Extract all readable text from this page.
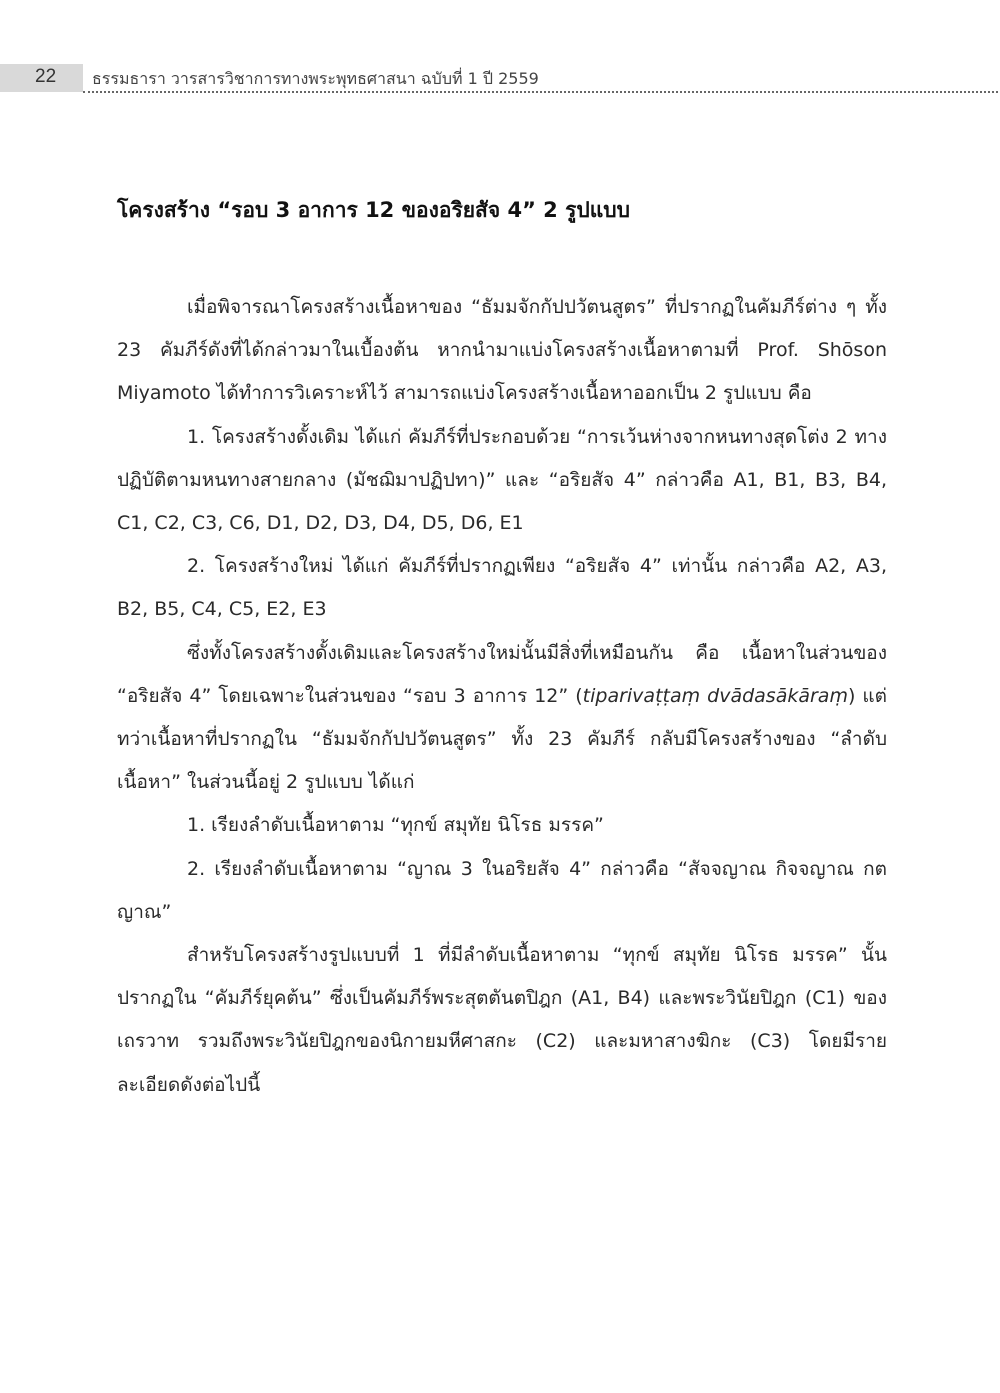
22 ธรรมธารา วารสารวิชาการทางพระพุทธศาสนา ฉบับที่ 1 ปี 2559
โครงสร้าง “รอบ 3 อาการ 12 ของอริยสัจ 4” 2 รูปแบบ

เมื่อพิจารณาโครงสร้างเนื้อหาของ “ธัมมจักกัปปวัตนสูตร” ที่ปรากฏในคัมภีร์ต่าง ๆ ทั้ง 23 คัมภีร์ดังที่ได้กล่าวมาในเบื้องต้น หากนำมาแบ่งโครงสร้างเนื้อหาตามที่ Prof. Shōson Miyamoto ได้ทำการวิเคราะห์ไว้ สามารถแบ่งโครงสร้างเนื้อหาออกเป็น 2 รูปแบบ คือ

1. โครงสร้างดั้งเดิม ได้แก่ คัมภีร์ที่ประกอบด้วย “การเว้นห่างจากหนทางสุดโต่ง 2 ทาง ปฏิบัติตามหนทางสายกลาง (มัชฌิมาปฏิปทา)” และ “อริยสัจ 4” กล่าวคือ A1, B1, B3, B4, C1, C2, C3, C6, D1, D2, D3, D4, D5, D6, E1

2. โครงสร้างใหม่ ได้แก่ คัมภีร์ที่ปรากฏเพียง “อริยสัจ 4” เท่านั้น กล่าวคือ A2, A3, B2, B5, C4, C5, E2, E3

ซึ่งทั้งโครงสร้างดั้งเดิมและโครงสร้างใหม่นั้นมีสิ่งที่เหมือนกัน คือ เนื้อหาในส่วนของ “อริยสัจ 4” โดยเฉพาะในส่วนของ “รอบ 3 อาการ 12” (tiparivaṭṭaṃ dvādasākāraṃ) แต่ทว่าเนื้อหาที่ปรากฏใน “ธัมมจักกัปปวัตนสูตร” ทั้ง 23 คัมภีร์ กลับมีโครงสร้างของ “ลำดับเนื้อหา” ในส่วนนี้อยู่ 2 รูปแบบ ได้แก่

1. เรียงลำดับเนื้อหาตาม “ทุกข์ สมุทัย นิโรธ มรรค”

2. เรียงลำดับเนื้อหาตาม “ญาณ 3 ในอริยสัจ 4” กล่าวคือ “สัจจญาณ กิจจญาณ กตญาณ”

สำหรับโครงสร้างรูปแบบที่ 1 ที่มีลำดับเนื้อหาตาม “ทุกข์ สมุทัย นิโรธ มรรค” นั้น ปรากฏใน “คัมภีร์ยุคต้น” ซึ่งเป็นคัมภีร์พระสุตตันตปิฎก (A1, B4) และพระวินัยปิฎก (C1) ของเถรวาท รวมถึงพระวินัยปิฎกของนิกายมหีศาสกะ (C2) และมหาสางฆิกะ (C3) โดยมีรายละเอียดดังต่อไปนี้
